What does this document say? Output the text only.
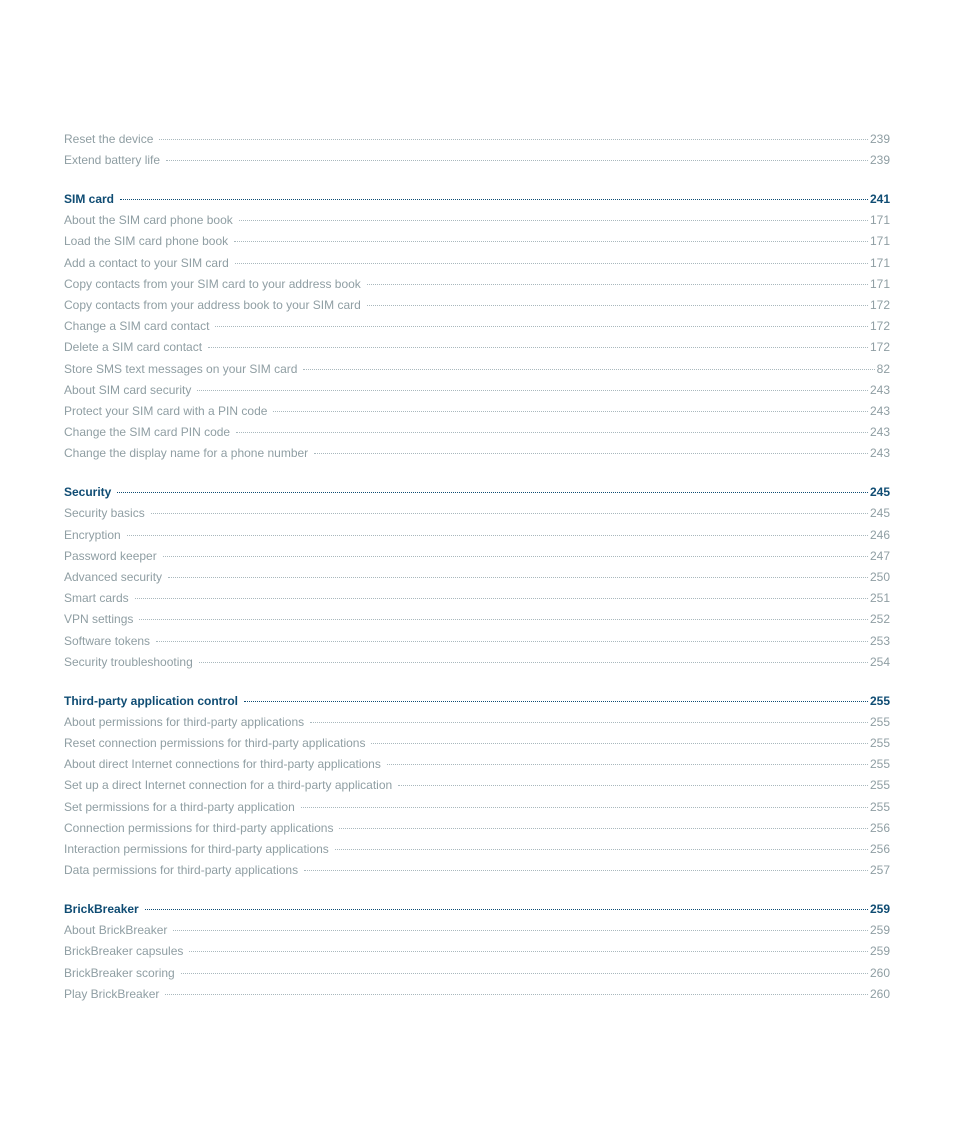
Reset the device	239
Extend battery life	239
SIM card	241
About the SIM card phone book	171
Load the SIM card phone book	171
Add a contact to your SIM card	171
Copy contacts from your SIM card to your address book	171
Copy contacts from your address book to your SIM card	172
Change a SIM card contact	172
Delete a SIM card contact	172
Store SMS text messages on your SIM card	82
About SIM card security	243
Protect your SIM card with a PIN code	243
Change the SIM card PIN code	243
Change the display name for a phone number	243
Security	245
Security basics	245
Encryption	246
Password keeper	247
Advanced security	250
Smart cards	251
VPN settings	252
Software tokens	253
Security troubleshooting	254
Third-party application control	255
About permissions for third-party applications	255
Reset connection permissions for third-party applications	255
About direct Internet connections for third-party applications	255
Set up a direct Internet connection for a third-party application	255
Set permissions for a third-party application	255
Connection permissions for third-party applications	256
Interaction permissions for third-party applications	256
Data permissions for third-party applications	257
BrickBreaker	259
About BrickBreaker	259
BrickBreaker capsules	259
BrickBreaker scoring	260
Play BrickBreaker	260
